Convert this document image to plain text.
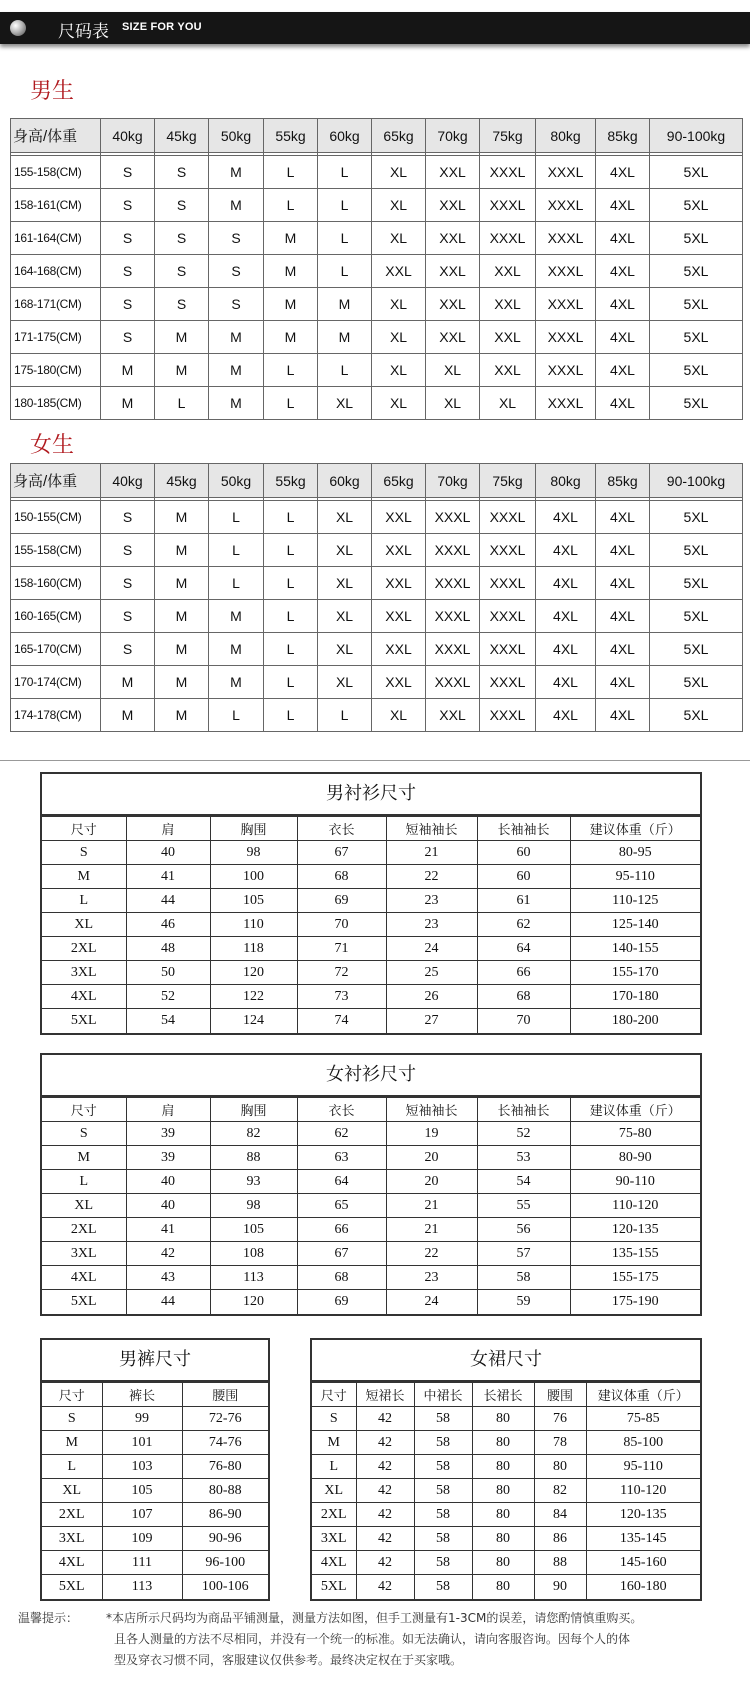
尺码表 SIZE FOR YOU
男生
身高/体重	40kg	45kg	50kg	55kg	60kg	65kg	70kg	75kg	80kg	85kg	90-100kg

155-158(CM)	S	S	M	L	L	XL	XXL	XXXL	XXXL	4XL	5XL
158-161(CM)	S	S	M	L	L	XL	XXL	XXXL	XXXL	4XL	5XL
161-164(CM)	S	S	S	M	L	XL	XXL	XXXL	XXXL	4XL	5XL
164-168(CM)	S	S	S	M	L	XXL	XXL	XXL	XXXL	4XL	5XL
168-171(CM)	S	S	S	M	M	XL	XXL	XXL	XXXL	4XL	5XL
171-175(CM)	S	M	M	M	M	XL	XXL	XXL	XXXL	4XL	5XL
175-180(CM)	M	M	M	L	L	XL	XL	XXL	XXXL	4XL	5XL
180-185(CM)	M	L	M	L	XL	XL	XL	XL	XXXL	4XL	5XL
女生
身高/体重	40kg	45kg	50kg	55kg	60kg	65kg	70kg	75kg	80kg	85kg	90-100kg

150-155(CM)	S	M	L	L	XL	XXL	XXXL	XXXL	4XL	4XL	5XL
155-158(CM)	S	M	L	L	XL	XXL	XXXL	XXXL	4XL	4XL	5XL
158-160(CM)	S	M	L	L	XL	XXL	XXXL	XXXL	4XL	4XL	5XL
160-165(CM)	S	M	M	L	XL	XXL	XXXL	XXXL	4XL	4XL	5XL
165-170(CM)	S	M	M	L	XL	XXL	XXXL	XXXL	4XL	4XL	5XL
170-174(CM)	M	M	M	L	XL	XXL	XXXL	XXXL	4XL	4XL	5XL
174-178(CM)	M	M	L	L	L	XL	XXL	XXXL	4XL	4XL	5XL
男衬衫尺寸
尺寸	肩	胸围	衣长	短袖袖长	长袖袖长	建议体重（斤）
S	40	98	67	21	60	80-95
M	41	100	68	22	60	95-110
L	44	105	69	23	61	110-125
XL	46	110	70	23	62	125-140
2XL	48	118	71	24	64	140-155
3XL	50	120	72	25	66	155-170
4XL	52	122	73	26	68	170-180
5XL	54	124	74	27	70	180-200
女衬衫尺寸
尺寸	肩	胸围	衣长	短袖袖长	长袖袖长	建议体重（斤）
S	39	82	62	19	52	75-80
M	39	88	63	20	53	80-90
L	40	93	64	20	54	90-110
XL	40	98	65	21	55	110-120
2XL	41	105	66	21	56	120-135
3XL	42	108	67	22	57	135-155
4XL	43	113	68	23	58	155-175
5XL	44	120	69	24	59	175-190
男裤尺寸
尺寸	裤长	腰围
S	99	72-76
M	101	74-76
L	103	76-80
XL	105	80-88
2XL	107	86-90
3XL	109	90-96
4XL	111	96-100
5XL	113	100-106
女裙尺寸
尺寸	短裙长	中裙长	长裙长	腰围	建议体重（斤）
S	42	58	80	76	75-85
M	42	58	80	78	85-100
L	42	58	80	80	95-110
XL	42	58	80	82	110-120
2XL	42	58	80	84	120-135
3XL	42	58	80	86	135-145
4XL	42	58	80	88	145-160
5XL	42	58	80	90	160-180
温馨提示： *本店所示尺码均为商品平铺测量，测量方法如图，但手工测量有1-3CM的误差，请您酌情慎重购买。
且各人测量的方法不尽相同，并没有一个统一的标准。如无法确认，请向客服咨询。因每个人的体
型及穿衣习惯不同，客服建议仅供参考。最终决定权在于买家哦。
